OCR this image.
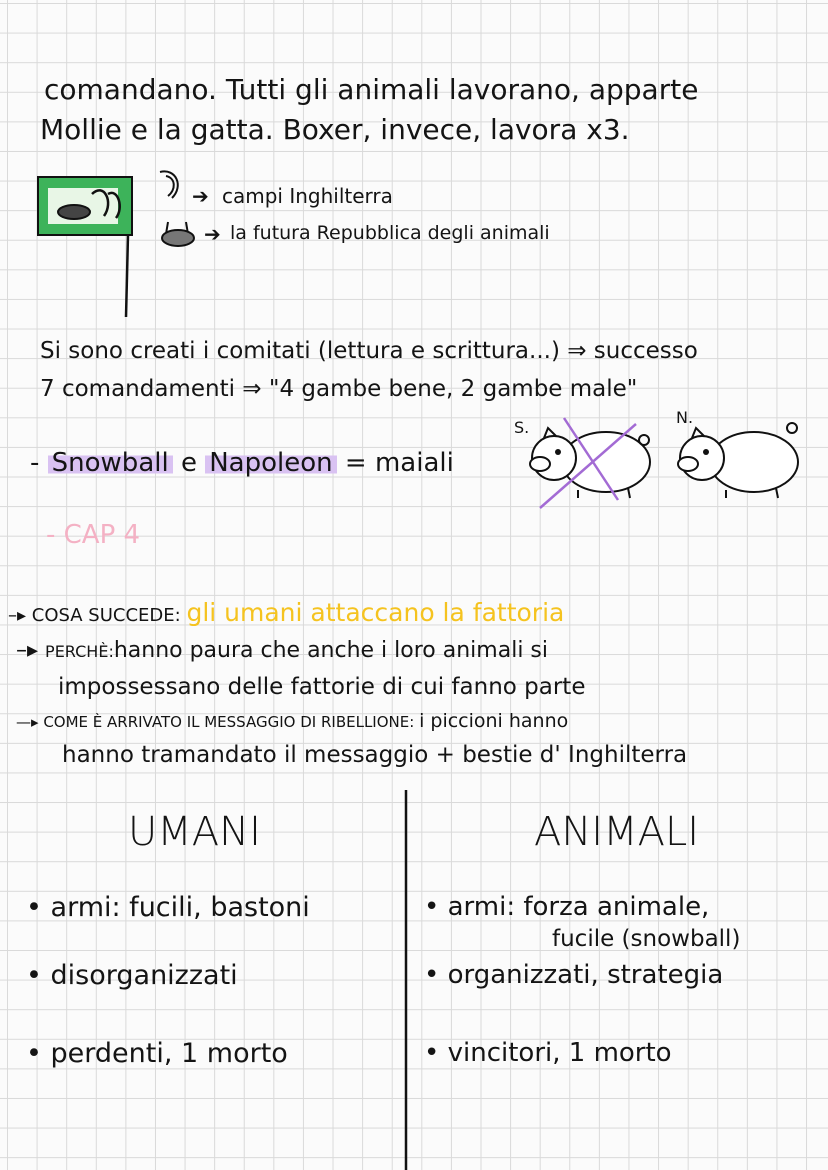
comandano. Tutti gli animali lavorano, apparte
Mollie e la gatta. Boxer, invece, lavora x3.
➔ campi Inghilterra
➔ la futura Repubblica degli animali
Si sono creati i comitati (lettura e scrittura...) ⇒ successo
7 comandamenti ⇒ "4 gambe bene, 2 gambe male"
- Snowball e Napoleon = maiali
S.
N.
- CAP 4
–▸ COSA SUCCEDE: gli umani attaccano la fattoria
–▸ PERCHÈ:hanno paura che anche i loro animali si
impossessano delle fattorie di cui fanno parte
—▸ COME È ARRIVATO IL MESSAGGIO DI RIBELLIONE: i piccioni hanno
hanno tramandato il messaggio + bestie d' Inghilterra
UMANI	ANIMALI
• armi: fucili, bastoni
• disorganizzati
• perdenti, 1 morto
• armi: forza animale,
fucile (snowball)
• organizzati, strategia
• vincitori, 1 morto
